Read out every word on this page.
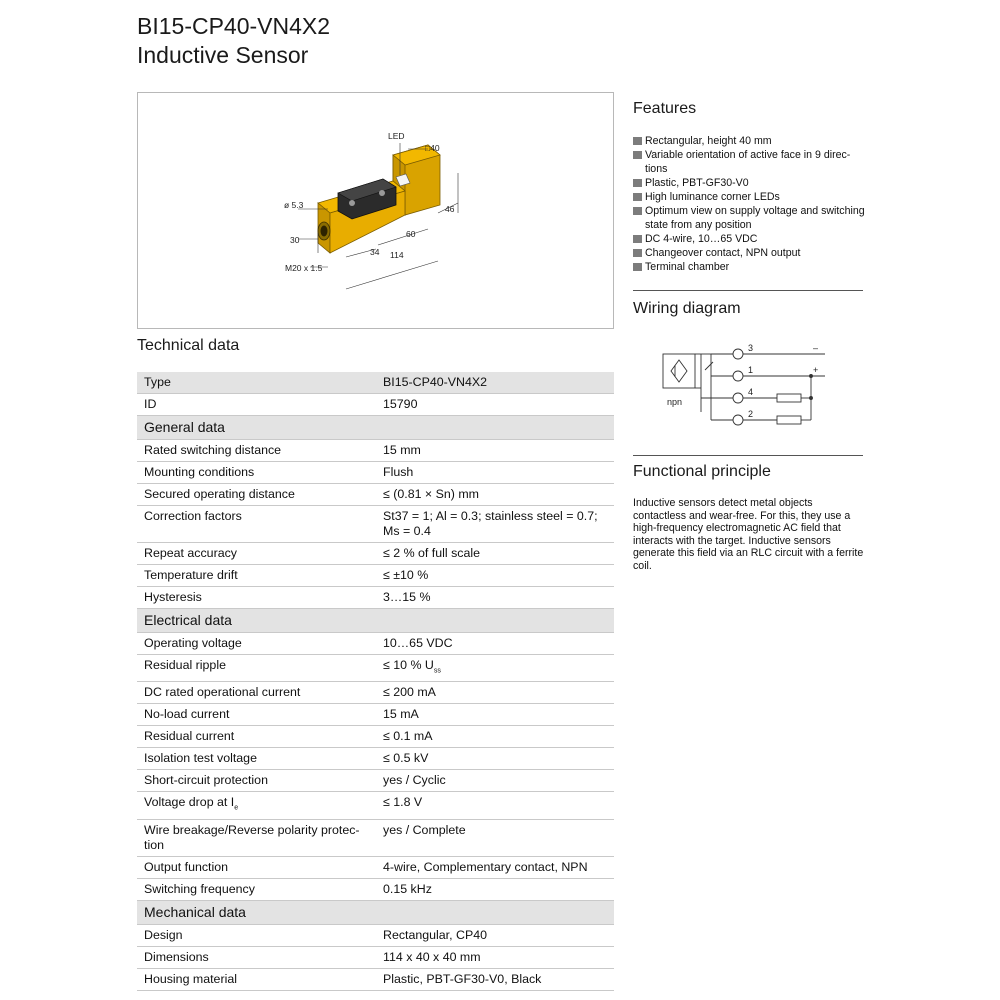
BI15-CP40-VN4X2
Inductive Sensor
LED
□40
ø 5.3	46
30
60
34 114
M20 x 1.5
Technical data
Type	BI15-CP40-VN4X2
ID	15790
General data	
Rated switching distance	15 mm
Mounting conditions	Flush
Secured operating distance	≤ (0.81 × Sn) mm
Correction factors	St37 = 1; Al = 0.3; stainless steel = 0.7; Ms = 0.4
Repeat accuracy	≤ 2 % of full scale
Temperature drift	≤ ±10 %
Hysteresis	3…15 %
Electrical data	
Operating voltage	10…65 VDC
Residual ripple	≤ 10 % $U_{ss}$
DC rated operational current	≤ 200 mA
No-load current	15 mA
Residual current	≤ 0.1 mA
Isolation test voltage	≤ 0.5 kV
Short-circuit protection	yes / Cyclic
Voltage drop at $I_e$	≤ 1.8 V
Wire breakage/Reverse polarity protec-tion	yes / Complete
Output function	4-wire, Complementary contact, NPN
Switching frequency	0.15 kHz
Mechanical data	
Design	Rectangular, CP40
Dimensions	114 x 40 x 40 mm
Housing material	Plastic, PBT-GF30-V0, Black
Features
Rectangular, height 40 mm
Variable orientation of active face in 9 direc-tions
Plastic, PBT-GF30-V0
High luminance corner LEDs
Optimum view on supply voltage and switching state from any position
DC 4-wire, 10…65 VDC
Changeover contact, NPN output
Terminal chamber
Wiring diagram
3
1
4
2
–
+
npn
Functional principle
Inductive sensors detect metal objects contactless and wear-free. For this, they use a high-frequency electromagnetic AC field that interacts with the target. Inductive sensors generate this field via an RLC circuit with a ferrite coil.
